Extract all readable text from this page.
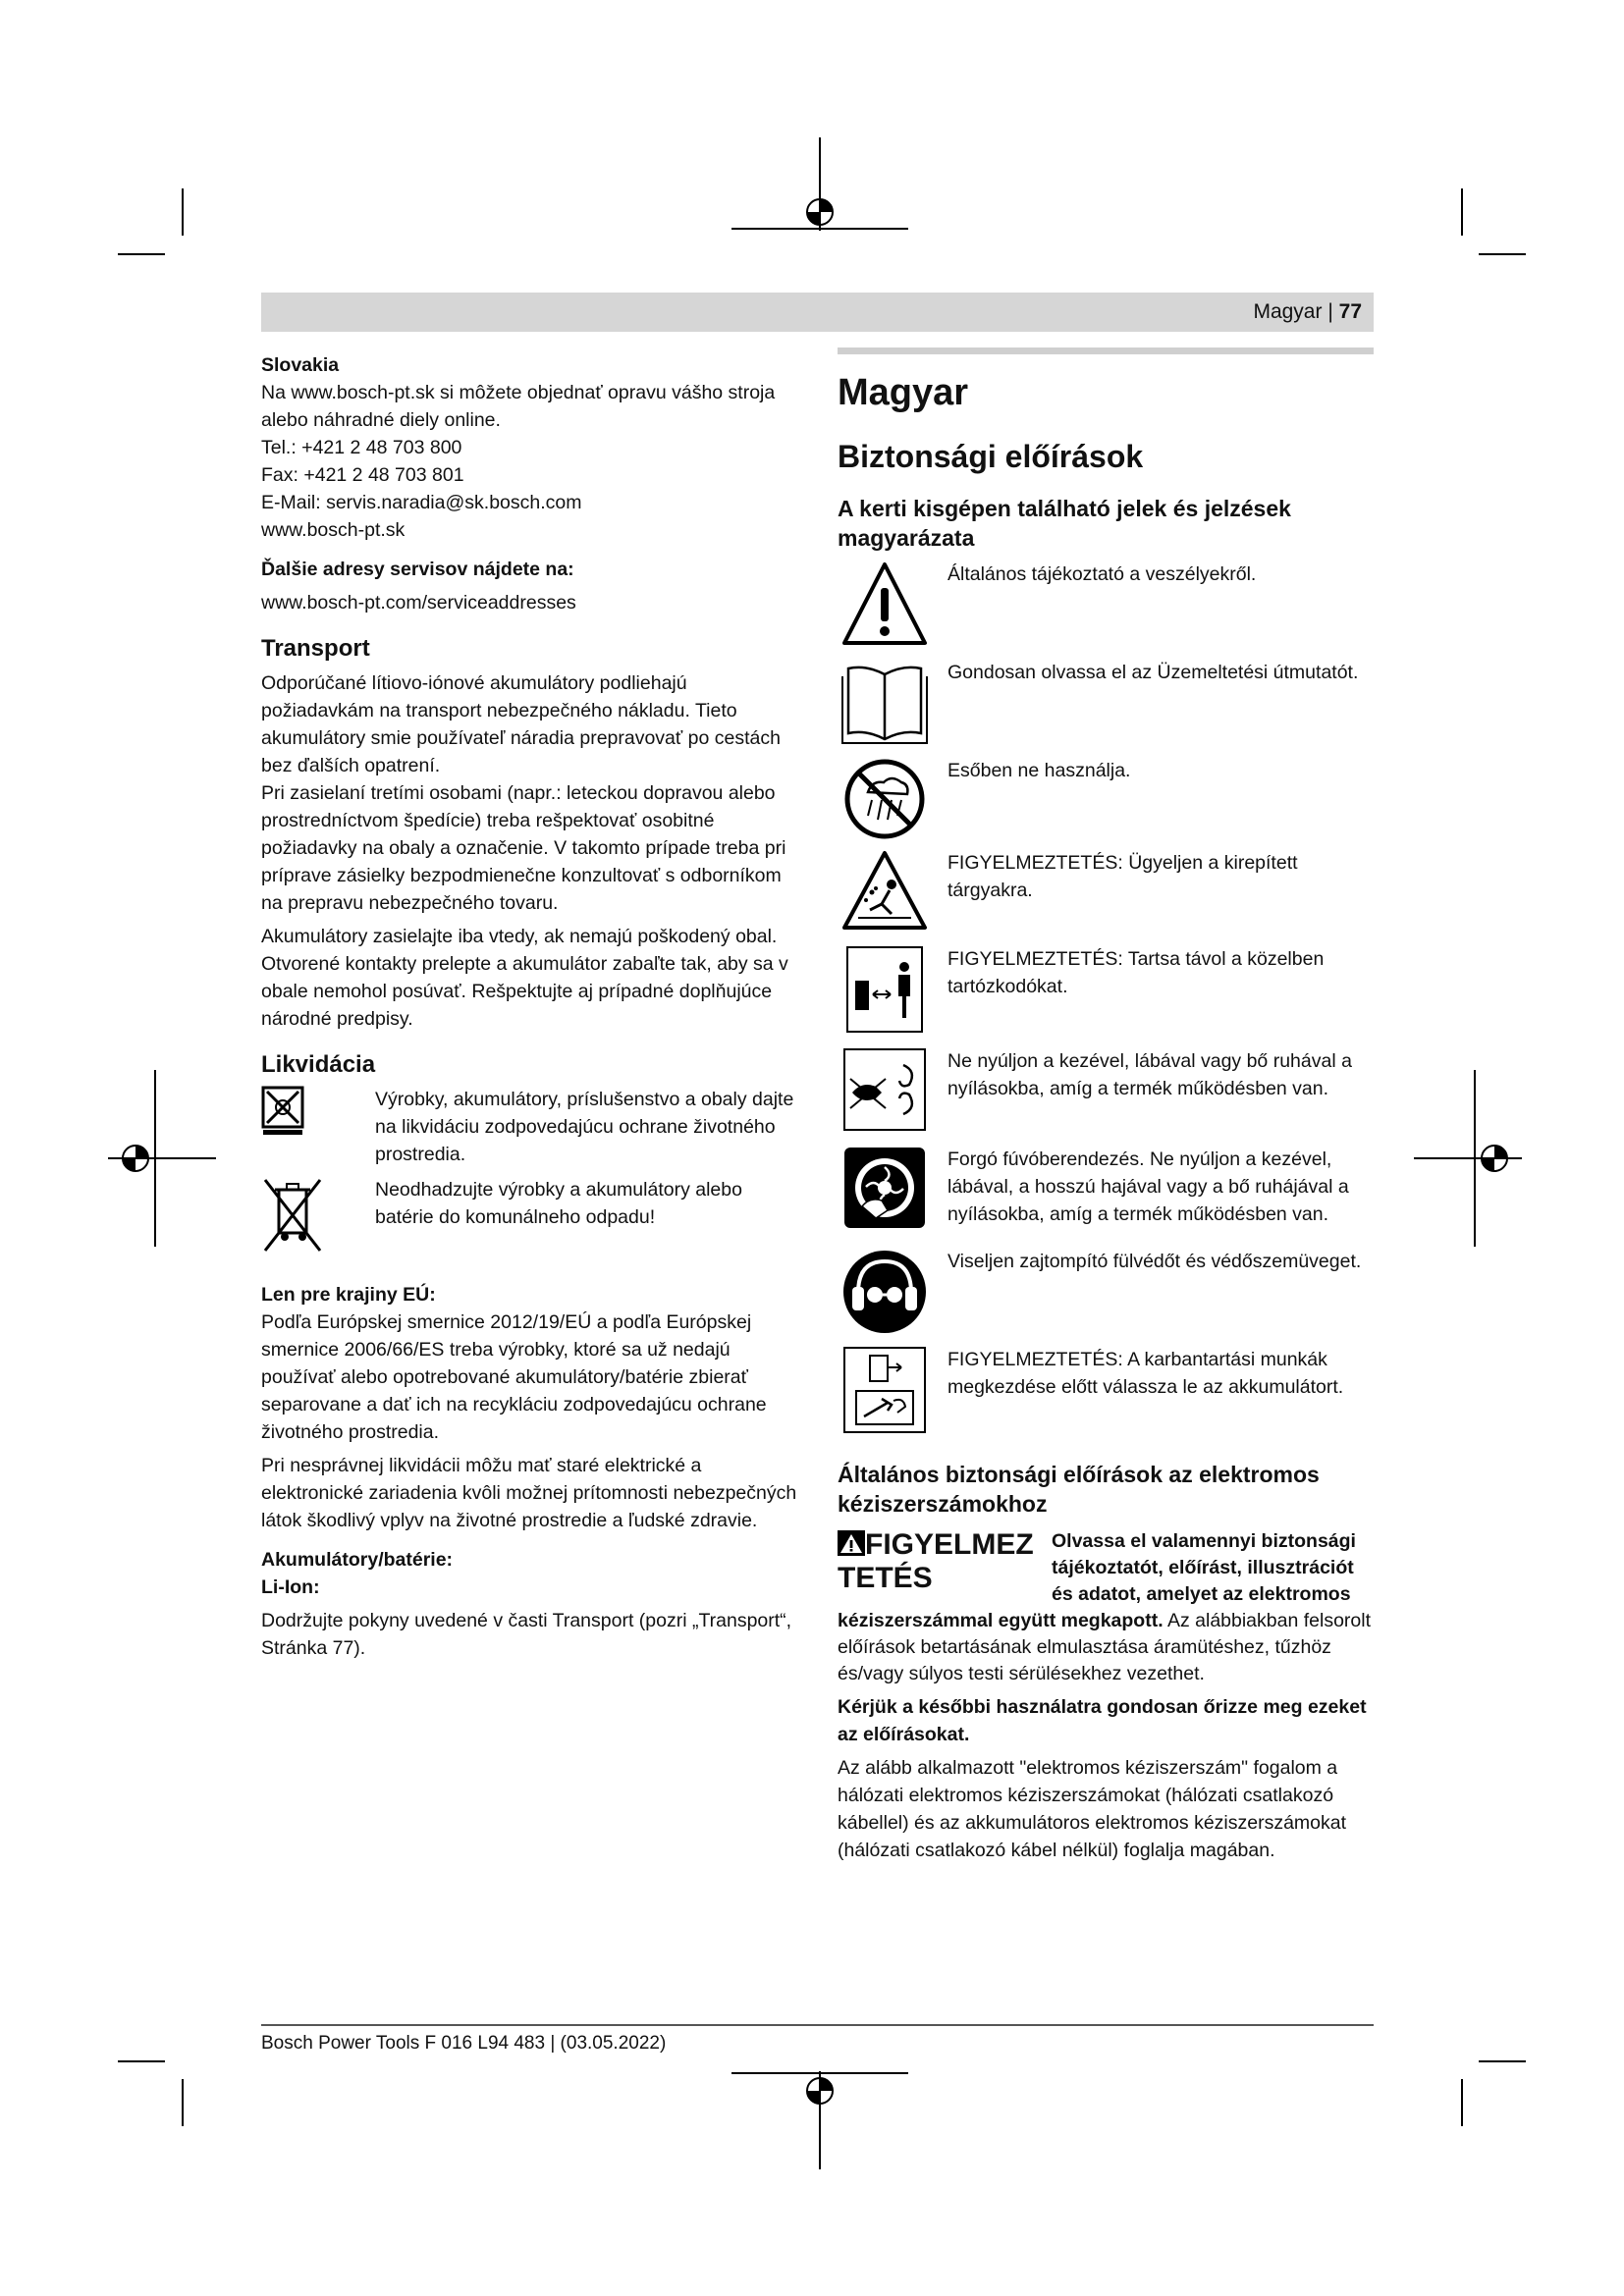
Magyar | 77
Slovakia

Na www.bosch-pt.sk si môžete objednať opravu vášho stroja alebo náhradné diely online.

Tel.: +421 2 48 703 800

Fax: +421 2 48 703 801

E-Mail: servis.naradia@sk.bosch.com

www.bosch-pt.sk

Ďalšie adresy servisov nájdete na:

www.bosch-pt.com/serviceaddresses

Transport

Odporúčané lítiovo-iónové akumulátory podliehajú požiadavkám na transport nebezpečného nákladu. Tieto akumulátory smie používateľ náradia prepravovať po cestách bez ďalších opatrení.

Pri zasielaní tretími osobami (napr.: leteckou dopravou alebo prostredníctvom špedície) treba rešpektovať osobitné požiadavky na obaly a označenie. V takomto prípade treba pri príprave zásielky bezpodmienečne konzultovať s odborníkom na prepravu nebezpečného tovaru.

Akumulátory zasielajte iba vtedy, ak nemajú poškodený obal. Otvorené kontakty prelepte a akumulátor zabaľte tak, aby sa v obale nemohol posúvať. Rešpektujte aj prípadné doplňujúce národné predpisy.

Likvidácia
Výrobky, akumulátory, príslušenstvo a obaly dajte na likvidáciu zodpovedajúcu ochrane životného prostredia.
Neodhadzujte výrobky a akumulátory alebo batérie do komunálneho odpadu!
Len pre krajiny EÚ:

Podľa Európskej smernice 2012/19/EÚ a podľa Európskej smernice 2006/66/ES treba výrobky, ktoré sa už nedajú používať alebo opotrebované akumulátory/batérie zbierať separovane a dať ich na recykláciu zodpovedajúcu ochrane životného prostredia.

Pri nesprávnej likvidácii môžu mať staré elektrické a elektronické zariadenia kvôli možnej prítomnosti nebezpečných látok škodlivý vplyv na životné prostredie a ľudské zdravie.

Akumulátory/batérie:
Li-Ion:

Dodržujte pokyny uvedené v časti Transport (pozri „Transport“, Stránka 77).

Magyar
Biztonsági előírások
A kerti kisgépen található jelek és jelzések magyarázata
Általános tájékoztató a veszélyekről.
Gondosan olvassa el az Üzemeltetési útmutatót.
Esőben ne használja.
FIGYELMEZTETÉS: Ügyeljen a kirepített tárgyakra.
FIGYELMEZTETÉS: Tartsa távol a közelben tartózkodókat.
Ne nyúljon a kezével, lábával vagy bő ruhával a nyílásokba, amíg a termék működésben van.
Forgó fúvóberendezés. Ne nyúljon a kezével, lábával, a hosszú hajával vagy a bő ruhájával a nyílásokba, amíg a termék működésben van.
Viseljen zajtompító fülvédőt és védőszemüveget.
FIGYELMEZTETÉS: A karbantartási munkák megkezdése előtt válassza le az akkumulátort.
Általános biztonsági előírások az elektromos kéziszerszámokhoz
FIGYELMEZTETÉS

Olvassa el valamennyi biztonsági tájékoztatót, előírást, illusztrációt és adatot, amelyet az elektromos kéziszerszámmal együtt megkapott. Az alábbiakban felsorolt előírások betartásának elmulasztása áramütéshez, tűzhöz és/vagy súlyos testi sérülésekhez vezethet.

Kérjük a későbbi használatra gondosan őrizze meg ezeket az előírásokat.

Az alább alkalmazott "elektromos kéziszerszám" fogalom a hálózati elektromos kéziszerszámokat (hálózati csatlakozó kábellel) és az akkumulátoros elektromos kéziszerszámokat (hálózati csatlakozó kábel nélkül) foglalja magában.

Bosch Power Tools F 016 L94 483 | (03.05.2022)
